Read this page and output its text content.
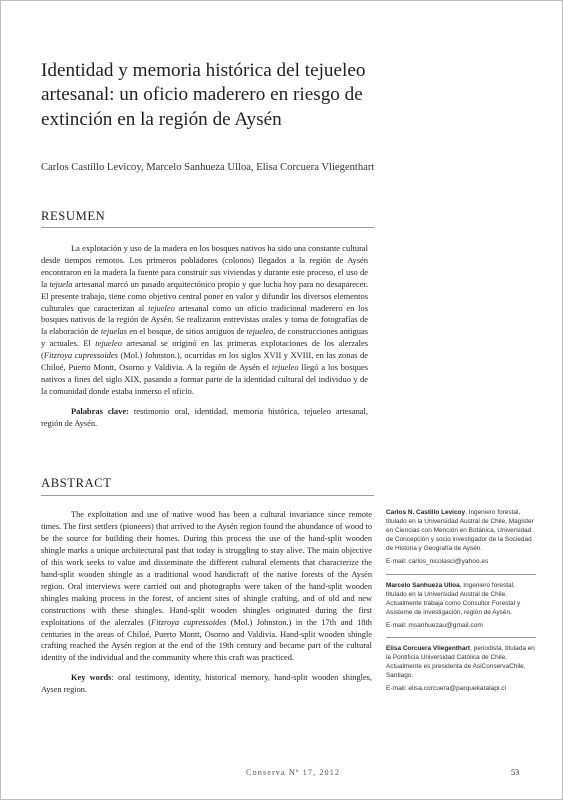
Identidad y memoria histórica del tejueleo artesanal: un oficio maderero en riesgo de extinción en la región de Aysén
Carlos Castillo Levicoy, Marcelo Sanhueza Ulloa, Elisa Corcuera Vliegenthart
RESUMEN

La explotación y uso de la madera en los bosques nativos ha sido una constante cultural desde tiempos remotos. Los primeros pobladores (colonos) llegados a la región de Aysén encontraron en la madera la fuente para construir sus viviendas y durante este proceso, el uso de la tejuela artesanal marcó un pasado arquitectónico propio y que lucha hoy para no desaparecer. El presente trabajo, tiene como objetivo central poner en valor y difundir los diversos elementos culturales que caracterizan al tejueleo artesanal como un oficio tradicional maderero en los bosques nativos de la región de Aysén. Se realizaron entrevistas orales y toma de fotografías de la elaboración de tejuelas en el bosque, de sitios antiguos de tejueleo, de construcciones antiguas y actuales. El tejueleo artesanal se originó en las primeras explotaciones de los alerzales (Fitzroya cupressoides (Mol.) Johnston.), ocurridas en los siglos XVII y XVIII, en las zonas de Chiloé, Puerto Montt, Osorno y Valdivia. A la región de Aysén el tejueleo llegó a los bosques nativos a fines del siglo XIX, pasando a formar parte de la identidad cultural del individuo y de la comunidad donde estaba inmerso el oficio.

Palabras clave: testimonio oral, identidad, memoria histórica, tejueleo artesanal, región de Aysén.

ABSTRACT

The exploitation and use of native wood has been a cultural invariance since remote times. The first settlers (pioneers) that arrived to the Aysén region found the abundance of wood to be the source for building their homes. During this process the use of the hand-split wooden shingle marks a unique architectural past that today is struggling to stay alive. The main objective of this work seeks to value and disseminate the different cultural elements that characterize the hand-split wooden shingle as a traditional wood handicraft of the native forests of the Aysén region. Oral interviews were carried out and photographs were taken of the hand-split wooden shingles making process in the forest, of ancient sites of shingle crafting, and of old and new constructions with these shingles. Hand-split wooden shingles originated during the first exploitations of the alerzales (Fitzroya cupressoides (Mol.) Johnston.) in the 17th and 18th centuries in the areas of Chiloé, Puerto Montt, Osorno and Valdivia. Hand-split wooden shingle crafting reached the Aysén region at the end of the 19th century and became part of the cultural identity of the individual and the community where this craft was practiced.

Key words: oral testimony, identity, historical memory, hand-split wooden shingles, Aysen region.

Carlos N. Castillo Levicoy, Ingeniero forestal, titulado en la Universidad Austral de Chile, Magíster en Ciencias con Mención en Botánica, Universidad de Concepción y socio investigador de la Sociedad de Historia y Geografía de Aysén.
E-mail: carlos_nicolasci@yahoo.es
Marcelo Sanhueza Ulloa, Ingeniero forestal, titulado en la Universidad Austral de Chile. Actualmente trabaja como Consultor Forestal y Asisteme de investigación, región de Aysén.
E-mail: msanhuezau@gmail.com
Elisa Corcuera Vliegenthart, periodista, titulada en la Pontificia Universidad Católica de Chile. Actualmente es presidenta de AsiConservaChile, Santiago.
E-mail: elisa.corcuera@parquekatalapi.cl
Conserva Nº 17, 2012	53
